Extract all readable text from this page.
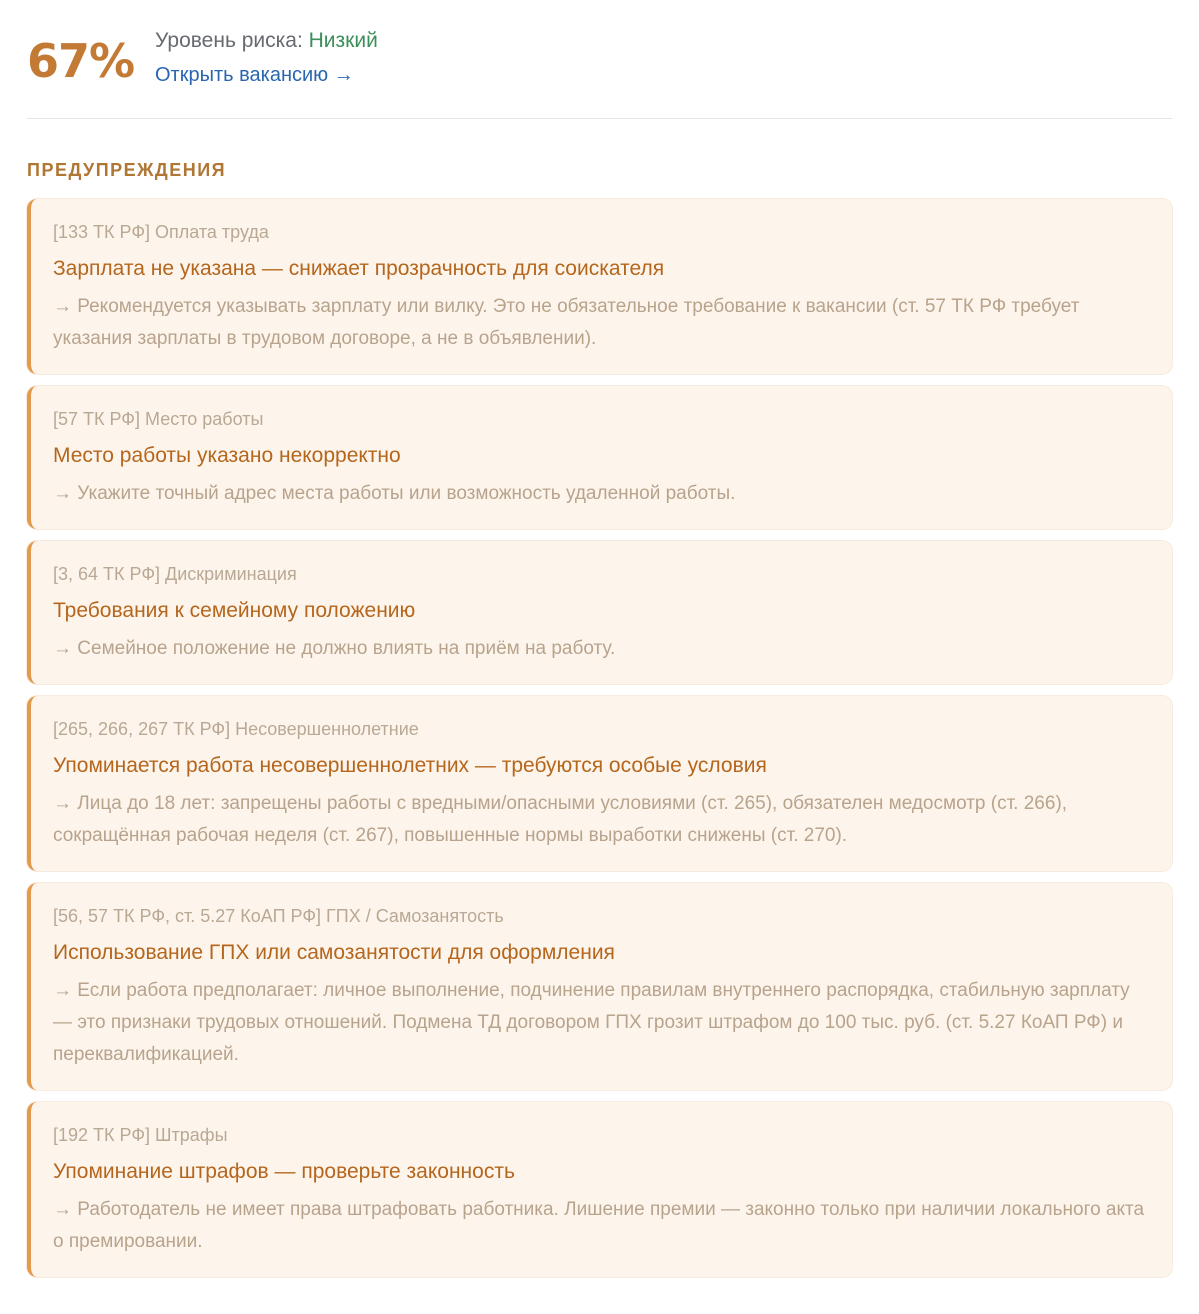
67% Уровень риска: Низкий
Открыть вакансию →
ПРЕДУПРЕЖДЕНИЯ
[133 ТК РФ] Оплата труда
Зарплата не указана — снижает прозрачность для соискателя
→ Рекомендуется указывать зарплату или вилку. Это не обязательное требование к вакансии (ст. 57 ТК РФ требует указания зарплаты в трудовом договоре, а не в объявлении).
[57 ТК РФ] Место работы
Место работы указано некорректно
→ Укажите точный адрес места работы или возможность удаленной работы.
[3, 64 ТК РФ] Дискриминация
Требования к семейному положению
→ Семейное положение не должно влиять на приём на работу.
[265, 266, 267 ТК РФ] Несовершеннолетние
Упоминается работа несовершеннолетних — требуются особые условия
→ Лица до 18 лет: запрещены работы с вредными/опасными условиями (ст. 265), обязателен медосмотр (ст. 266), сокращённая рабочая неделя (ст. 267), повышенные нормы выработки снижены (ст. 270).
[56, 57 ТК РФ, ст. 5.27 КоАП РФ] ГПХ / Самозанятость
Использование ГПХ или самозанятости для оформления
→ Если работа предполагает: личное выполнение, подчинение правилам внутреннего распорядка, стабильную зарплату — это признаки трудовых отношений. Подмена ТД договором ГПХ грозит штрафом до 100 тыс. руб. (ст. 5.27 КоАП РФ) и переквалификацией.
[192 ТК РФ] Штрафы
Упоминание штрафов — проверьте законность
→ Работодатель не имеет права штрафовать работника. Лишение премии — законно только при наличии локального акта о премировании.
